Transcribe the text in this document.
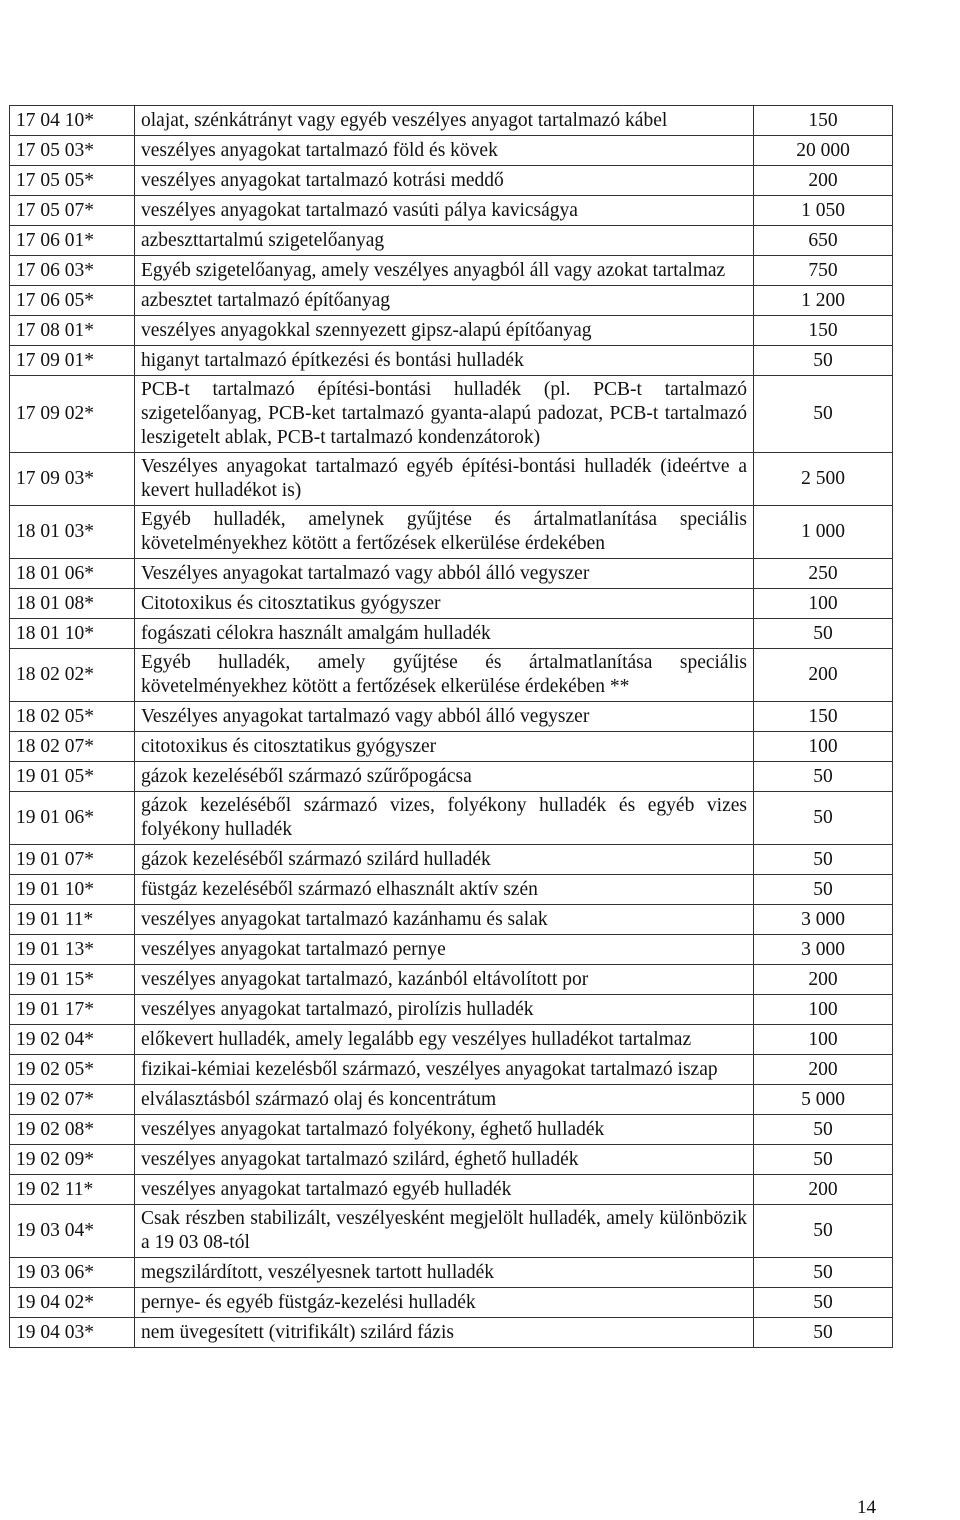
17 04 10*	olajat, szénkátrányt vagy egyéb veszélyes anyagot tartalmazó kábel	150
17 05 03*	veszélyes anyagokat tartalmazó föld és kövek	20 000
17 05 05*	veszélyes anyagokat tartalmazó kotrási meddő	200
17 05 07*	veszélyes anyagokat tartalmazó vasúti pálya kavicságya	1 050
17 06 01*	azbeszttartalmú szigetelőanyag	650
17 06 03*	Egyéb szigetelőanyag, amely veszélyes anyagból áll vagy azokat tartalmaz	750
17 06 05*	azbesztet tartalmazó építőanyag	1 200
17 08 01*	veszélyes anyagokkal szennyezett gipsz-alapú építőanyag	150
17 09 01*	higanyt tartalmazó építkezési és bontási hulladék	50
17 09 02*	PCB-t tartalmazó építési-bontási hulladék (pl. PCB-t tartalmazó szigetelőanyag, PCB-ket tartalmazó gyanta-alapú padozat, PCB-t tartalmazó leszigetelt ablak, PCB-t tartalmazó kondenzátorok)	50
17 09 03*	Veszélyes anyagokat tartalmazó egyéb építési-bontási hulladék (ideértve a kevert hulladékot is)	2 500
18 01 03*	Egyéb hulladék, amelynek gyűjtése és ártalmatlanítása speciális követelményekhez kötött a fertőzések elkerülése érdekében	1 000
18 01 06*	Veszélyes anyagokat tartalmazó vagy abból álló vegyszer	250
18 01 08*	Citotoxikus és citosztatikus gyógyszer	100
18 01 10*	fogászati célokra használt amalgám hulladék	50
18 02 02*	Egyéb hulladék, amely gyűjtése és ártalmatlanítása speciális követelményekhez kötött a fertőzések elkerülése érdekében **	200
18 02 05*	Veszélyes anyagokat tartalmazó vagy abból álló vegyszer	150
18 02 07*	citotoxikus és citosztatikus gyógyszer	100
19 01 05*	gázok kezeléséből származó szűrőpogácsa	50
19 01 06*	gázok kezeléséből származó vizes, folyékony hulladék és egyéb vizes folyékony hulladék	50
19 01 07*	gázok kezeléséből származó szilárd hulladék	50
19 01 10*	füstgáz kezeléséből származó elhasznált aktív szén	50
19 01 11*	veszélyes anyagokat tartalmazó kazánhamu és salak	3 000
19 01 13*	veszélyes anyagokat tartalmazó pernye	3 000
19 01 15*	veszélyes anyagokat tartalmazó, kazánból eltávolított por	200
19 01 17*	veszélyes anyagokat tartalmazó, pirolízis hulladék	100
19 02 04*	előkevert hulladék, amely legalább egy veszélyes hulladékot tartalmaz	100
19 02 05*	fizikai-kémiai kezelésből származó, veszélyes anyagokat tartalmazó iszap	200
19 02 07*	elválasztásból származó olaj és koncentrátum	5 000
19 02 08*	veszélyes anyagokat tartalmazó folyékony, éghető hulladék	50
19 02 09*	veszélyes anyagokat tartalmazó szilárd, éghető hulladék	50
19 02 11*	veszélyes anyagokat tartalmazó egyéb hulladék	200
19 03 04*	Csak részben stabilizált, veszélyesként megjelölt hulladék, amely különbözik a 19 03 08-tól	50
19 03 06*	megszilárdított, veszélyesnek tartott hulladék	50
19 04 02*	pernye- és egyéb füstgáz-kezelési hulladék	50
19 04 03*	nem üvegesített (vitrifikált) szilárd fázis	50
14
